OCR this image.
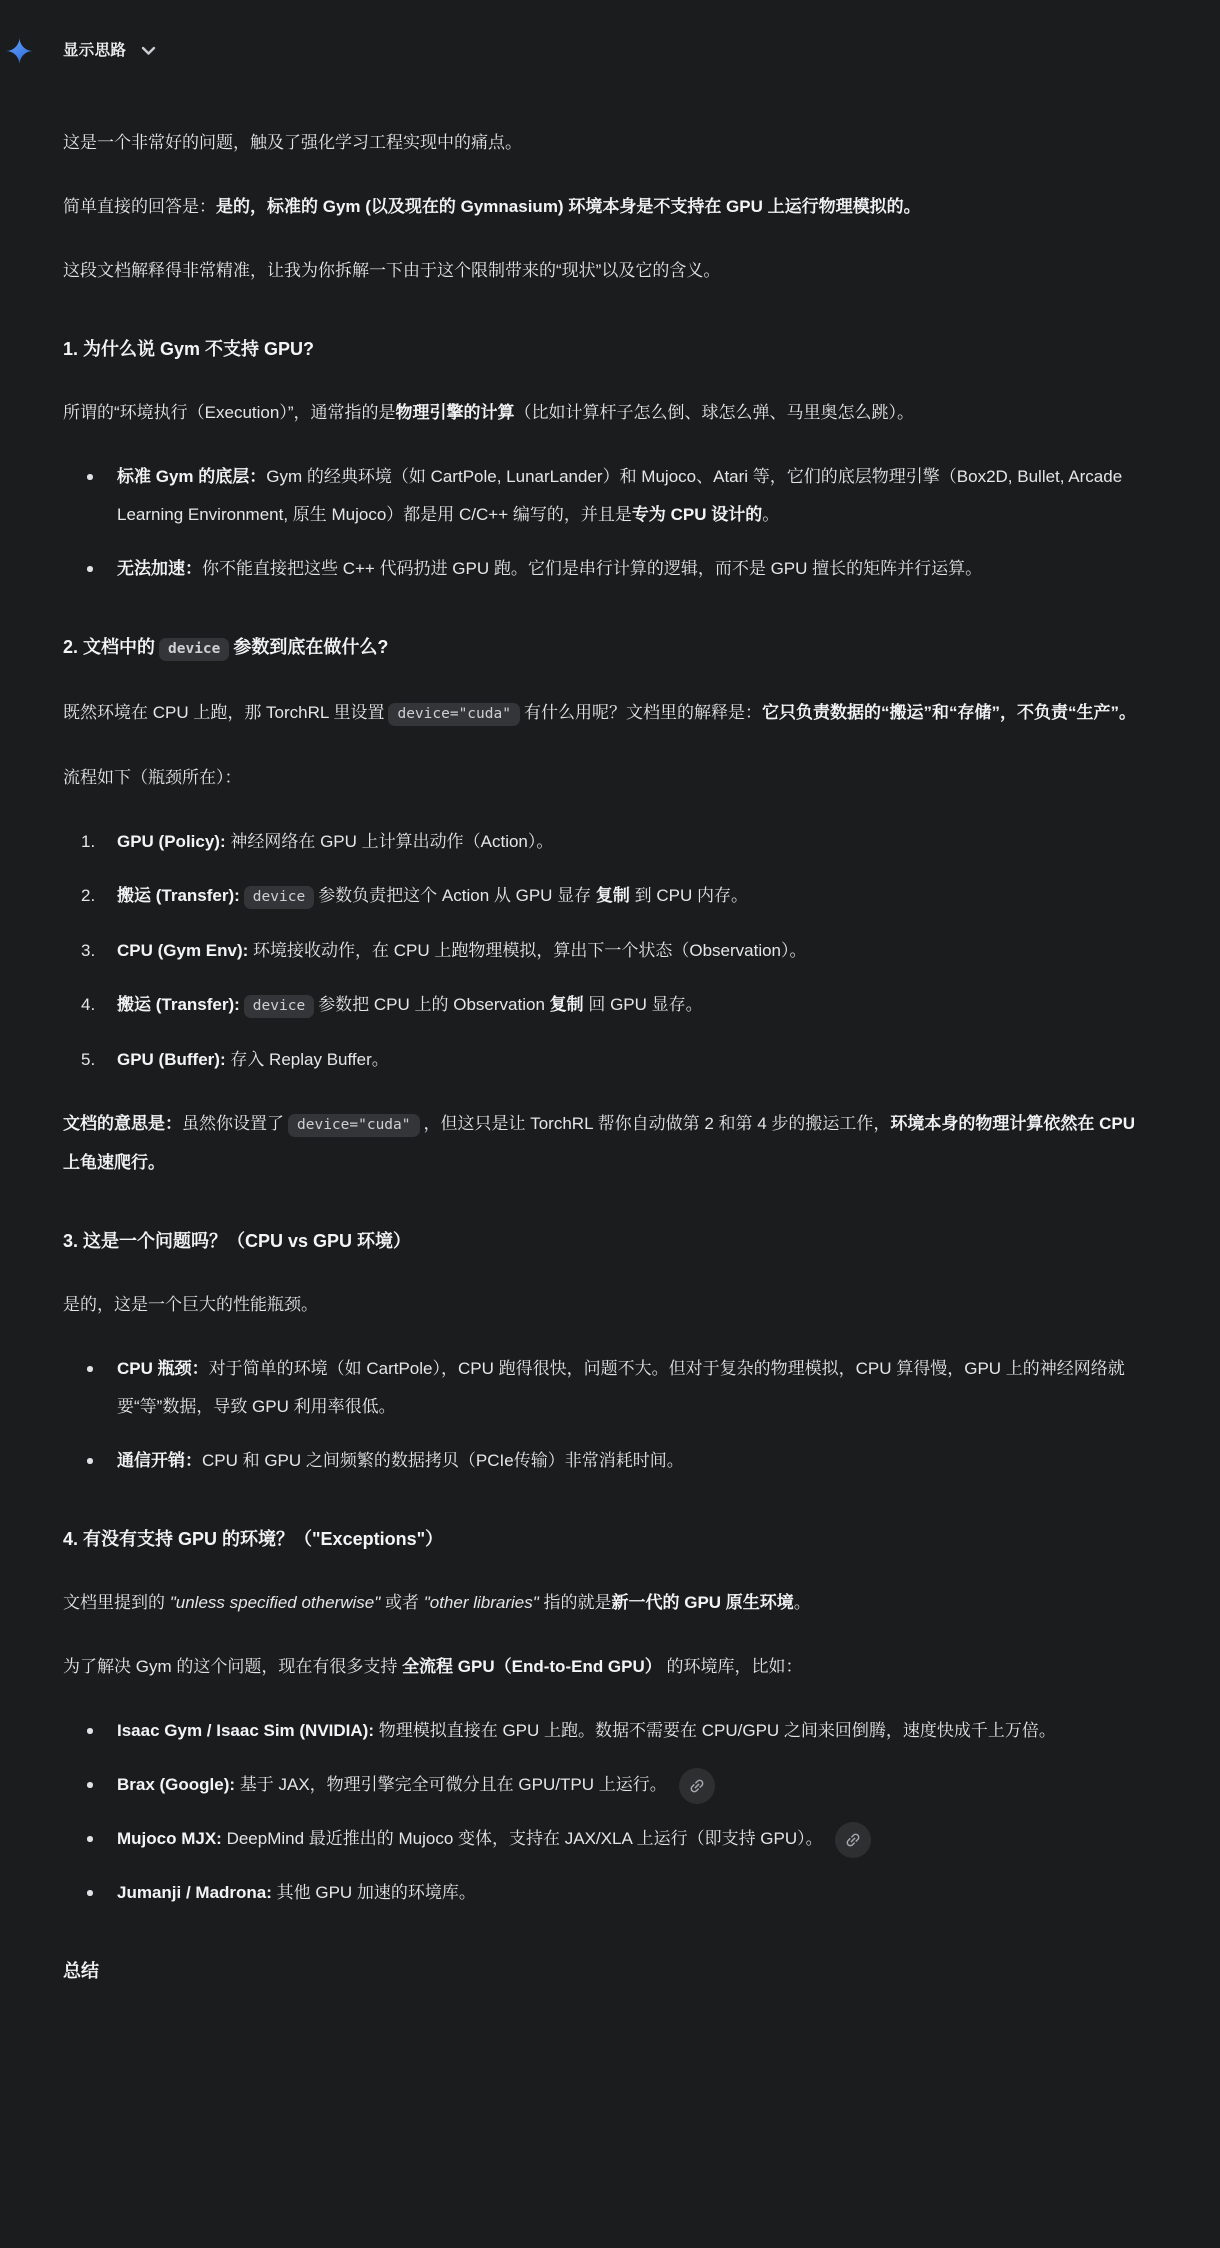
显示思路

这是一个非常好的问题，触及了强化学习工程实现中的痛点。

简单直接的回答是：是的，标准的 Gym (以及现在的 Gymnasium) 环境本身是不支持在 GPU 上运行物理模拟的。

这段文档解释得非常精准，让我为你拆解一下由于这个限制带来的“现状”以及它的含义。

1. 为什么说 Gym 不支持 GPU?

所谓的“环境执行（Execution）”，通常指的是物理引擎的计算（比如计算杆子怎么倒、球怎么弹、马里奥怎么跳）。

标准 Gym 的底层：Gym 的经典环境（如 CartPole, LunarLander）和 Mujoco、Atari 等，它们的底层物理引擎（Box2D, Bullet, Arcade Learning Environment, 原生 Mujoco）都是用 C/C++ 编写的，并且是专为 CPU 设计的。
无法加速：你不能直接把这些 C++ 代码扔进 GPU 跑。它们是串行计算的逻辑，而不是 GPU 擅长的矩阵并行运算。
2. 文档中的 device 参数到底在做什么?

既然环境在 CPU 上跑，那 TorchRL 里设置 device="cuda" 有什么用呢？文档里的解释是：它只负责数据的“搬运”和“存储”，不负责“生产”。

流程如下（瓶颈所在）：

GPU (Policy): 神经网络在 GPU 上计算出动作（Action）。
搬运 (Transfer): device 参数负责把这个 Action 从 GPU 显存 复制 到 CPU 内存。
CPU (Gym Env): 环境接收动作，在 CPU 上跑物理模拟，算出下一个状态（Observation）。
搬运 (Transfer): device 参数把 CPU 上的 Observation 复制 回 GPU 显存。
GPU (Buffer): 存入 Replay Buffer。

文档的意思是：虽然你设置了 device="cuda" ，但这只是让 TorchRL 帮你自动做第 2 和第 4 步的搬运工作，环境本身的物理计算依然在 CPU 上龟速爬行。

3. 这是一个问题吗？（CPU vs GPU 环境）

是的，这是一个巨大的性能瓶颈。

CPU 瓶颈：对于简单的环境（如 CartPole），CPU 跑得很快，问题不大。但对于复杂的物理模拟，CPU 算得慢，GPU 上的神经网络就要“等”数据，导致 GPU 利用率很低。
通信开销：CPU 和 GPU 之间频繁的数据拷贝（PCIe传输）非常消耗时间。
4. 有没有支持 GPU 的环境？（"Exceptions"）

文档里提到的 "unless specified otherwise" 或者 "other libraries" 指的就是新一代的 GPU 原生环境。

为了解决 Gym 的这个问题，现在有很多支持 全流程 GPU（End-to-End GPU） 的环境库，比如：

Isaac Gym / Isaac Sim (NVIDIA): 物理模拟直接在 GPU 上跑。数据不需要在 CPU/GPU 之间来回倒腾，速度快成千上万倍。
Brax (Google): 基于 JAX，物理引擎完全可微分且在 GPU/TPU 上运行。
Mujoco MJX: DeepMind 最近推出的 Mujoco 变体，支持在 JAX/XLA 上运行（即支持 GPU）。
Jumanji / Madrona: 其他 GPU 加速的环境库。
总结
